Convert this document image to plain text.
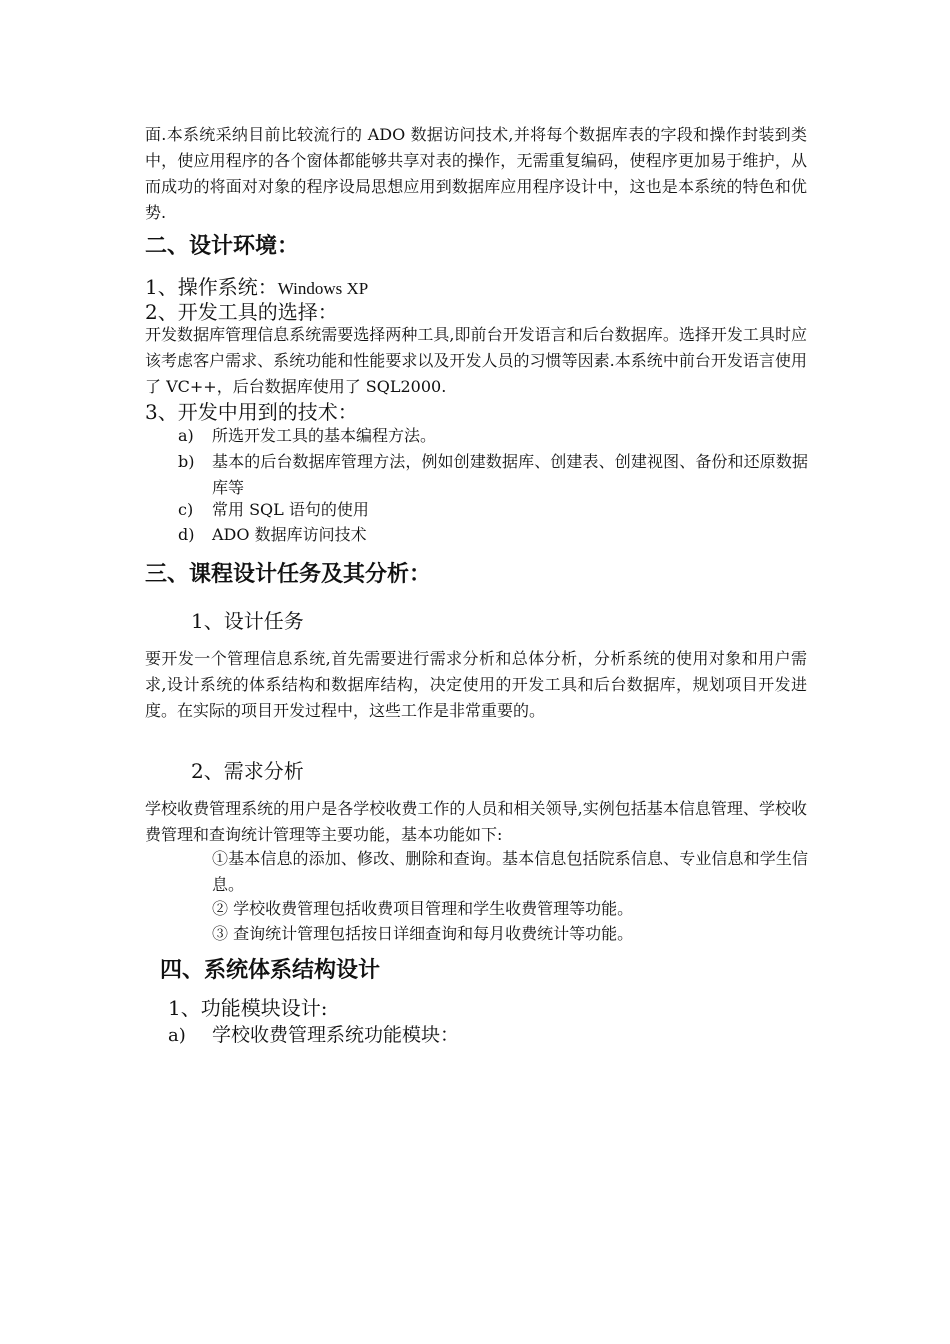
面.本系统采纳目前比较流行的 ADO 数据访问技术,并将每个数据库表的字段和操作封装到类中，使应用程序的各个窗体都能够共享对表的操作，无需重复编码，使程序更加易于维护，从而成功的将面对对象的程序设局思想应用到数据库应用程序设计中，这也是本系统的特色和优势.

二、设计环境：
1、操作系统：Windows XP
2、开发工具的选择：

开发数据库管理信息系统需要选择两种工具,即前台开发语言和后台数据库。选择开发工具时应该考虑客户需求、系统功能和性能要求以及开发人员的习惯等因素.本系统中前台开发语言使用了 VC++，后台数据库使用了 SQL2000.

3、开发中用到的技术：
a)	所选开发工具的基本编程方法。
b)	基本的后台数据库管理方法，例如创建数据库、创建表、创建视图、备份和还原数据库等
c)	常用 SQL 语句的使用
d)	ADO 数据库访问技术
三、课程设计任务及其分析：
1、设计任务

要开发一个管理信息系统,首先需要进行需求分析和总体分析，分析系统的使用对象和用户需求,设计系统的体系结构和数据库结构，决定使用的开发工具和后台数据库，规划项目开发进度。在实际的项目开发过程中，这些工作是非常重要的。

2、需求分析

学校收费管理系统的用户是各学校收费工作的人员和相关领导,实例包括基本信息管理、学校收费管理和查询统计管理等主要功能，基本功能如下:

①基本信息的添加、修改、删除和查询。基本信息包括院系信息、专业信息和学生信息。

② 学校收费管理包括收费项目管理和学生收费管理等功能。

③ 查询统计管理包括按日详细查询和每月收费统计等功能。

四、系统体系结构设计
1、功能模块设计:
a) 学校收费管理系统功能模块：
